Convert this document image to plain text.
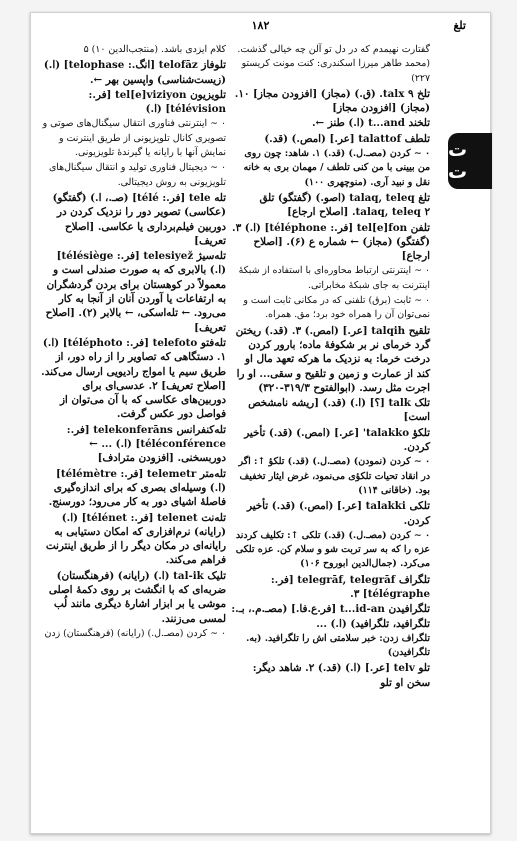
۱۸۲	تلغ
ت ت

گفتارت نهیمدم که در دل تو آلن چه خیالی گذشت. (محمد طاهر میرزا اسکندری: کنت مونت کریستو ۲۲۷)

تلخ talx ۹. (ق.) (مجاز) [افزودن مجاز] ۱۰. (مجاز) [افزودن مجاز]

تلخند t...and (ا.) طنز ←.

تلطف talattof [عر.] (امص.) (قد.)

۰ ∽ کردن (مصـ.ل.) (قد.) ۱. شاهد: چون روی من بیینی با من کنی تلطف / مهمان بری به خانه نقل و نبید آری. (منوچهری ۱۰۰)

تلغ talaq, teleq (اصو.) (گفتگو) تلق talaq, teleq ۲. [اصلاح ارجاع]

تلفن tel[e]fon [فر.: téléphone] (ا.) ۳. (گفتگو) (مجاز) ← شماره ع (۶). [اصلاح ارجاع]

۰ ∽ اینترنتی ارتباط محاوره‌ای با استفاده از شبکهٔ اینترنت به جای شبکهٔ مخابراتی.

۰ ∽ ثابت (برق) تلفنی که در مکانی ثابت است و نمی‌توان آن را همراه خود برد؛ مق. همراه.

تلقیح talqih [عر.] (امص.) ۳. (قد.) ریختن گرد خرمای نر بر شکوفهٔ ماده؛ بارور کردن درخت خرما: به نزدیک ما هرکه تعهد مال او کند از عمارت و زمین و تلقیح و سقی... او را اجرت مثل رسد. (ابوالفتوح ۳۱۹/۳-۳۲۰)

تلک talk [؟] (ا.) (قد.) [ریشه نامشخص است]

تلکؤ talakko' [عر.] (امص.) (قد.) تأخیر کردن.

۰ ∽ کردن (نمودن) (مصـ.ل.) (قد.) تلکؤ ↑: اگر در انقاد تحیات تلکؤی می‌نمود، غرض ایثار تخفیف بود. (خاقانی ۱۱۴)

تلکی talakki [عر.] (امص.) (قد.) تأخیر کردن.

۰ ∽ کردن (مصـ.ل.) (قد.) تلکی ↑: تکلیف کردند عزه را که به سر تربت شو و سلام کن. عزه تلکی می‌کرد. (جمال‌الدین ابوروح ۱۰۶)

تلگراف telegrāf, telegrāf [فر.: télégraphe] ۳.

تلگرافیدن t...id-an [فر.ع.فا.] (مصـ.م.، بـ.: تلگرافید، تلگرافید) (ا.) ...

تلگراف زدن: خبر سلامتی اش را تلگرافید. (به. تلگرافیدن)

تلو telv [عر.] (ا.) (قد.) ۲. شاهد دیگر: سخن او تلو

کلام ایزدی باشد. (منتجب‌الدین ۱۰) ۵

تلوفاز telofāz [انگ.: telophase] (ا.) (زیست‌شناسی) واپسین بهر ←.

تلویزیون tel[e]viziyon [فر.: télévision] (ا.)

۰ ∽ اینترنتی فناوری انتقال سیگنال‌های صوتی و تصویری کانال تلویزیونی از طریق اینترنت و نمایش آنها با رایانه یا گیرندهٔ تلویزیونی.

۰ ∽ دیجیتال فناوری تولید و انتقال سیگنال‌های تلویزیونی به روش دیجیتالی.

تله tele [فر.: télé] (صـ.، ا.) (گفتگو) (عکاسی) تصویر دور را نزدیک کردن در دوربین فیلم‌برداری یا عکاسی. [اصلاح تعریف]

تله‌سیژ telesiyež [فر.: télésiège] (ا.) بالابری که به صورت صندلی است و معمولاً در کوهستان برای بردن گردشگران به ارتفاعات یا آوردن آنان از آنجا به کار می‌رود. ← تله‌اسکی، ← بالابر (۲). [اصلاح تعریف]

تله‌فتو telefoto [فر.: téléphoto] (ا.) ۱. دستگاهی که تصاویر را از راه دور، از طریق سیم یا امواج رادیویی ارسال می‌کند. [اصلاح تعریف] ۲. عدسی‌ای برای دوربین‌های عکاسی که با آن می‌توان از فواصل دور عکس گرفت.

تله‌کنفرانس telekonferāns [فر.: téléconférence] (ا.) ... ← دوربسخنی. [افزودن مترادف]

تله‌متر telemetr [فر.: télémètre] (ا.) وسیله‌ای بصری که برای اندازه‌گیری فاصلهٔ اشیای دور به کار می‌رود؛ دورسنج.

تله‌نت telenet [فر.: télénet] (ا.) (رایانه) نرم‌افزاری که امکان دستیابی به رایانه‌ای در مکان دیگر را از طریق اینترنت فراهم می‌کند.

تلیک tal-ik (ا.) (رایانه) (فرهنگستان) ضربه‌ای که با انگشت بر روی دکمهٔ اصلی موشی یا بر ابزار اشارهٔ دیگری مانند لُب لمسی می‌زنند.

۰ ∽ کردن (مصـ.ل.) (رایانه) (فرهنگستان) زدن
